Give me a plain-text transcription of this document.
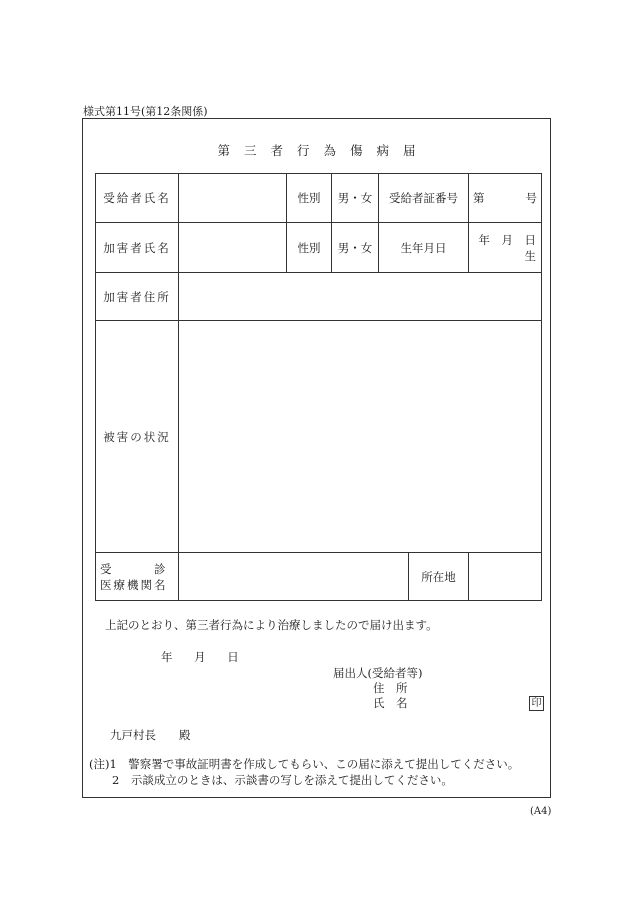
様式第11号(第12条関係)
第 三 者 行 為 傷 病 届
受給者氏名		性別	男・女	受給者証番号		第 号

加害者氏名		性別	男・女	生年月日		年　月　日生
加害者住所						
被害の状況						

受　　　診
医療機関名					所在地	
上記のとおり、第三者行為により治療しましたので届け出ます。
年 月 日
届出人(受給者等)
住　所
氏　名	印
九戸村長　　殿
(注)1　警察署で事故証明書を作成してもらい、この届に添えて提出してください。
　　2　示談成立のときは、示談書の写しを添えて提出してください。
(A4)
